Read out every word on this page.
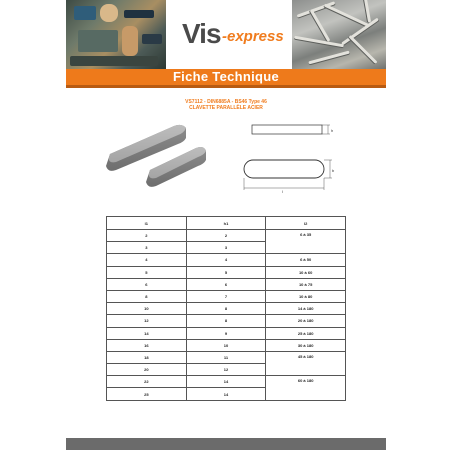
Vis -express
Fiche Technique
VS7112 - DIN6885A - BS46 Type 46
CLAVETTE PARALLÈLE ACIER
h
b
l
l1	h1	l2
2	2	6 à 35
3	3	
4	4	6 à 50
5	5	10 à 60
6	6	10 à 75
8	7	10 à 80
10	8	14 à 180
12	8	20 à 180
14	9	25 à 180
16	10	30 à 180
18	11	45 à 180
20	12	
22	14	60 à 180
25	14	
